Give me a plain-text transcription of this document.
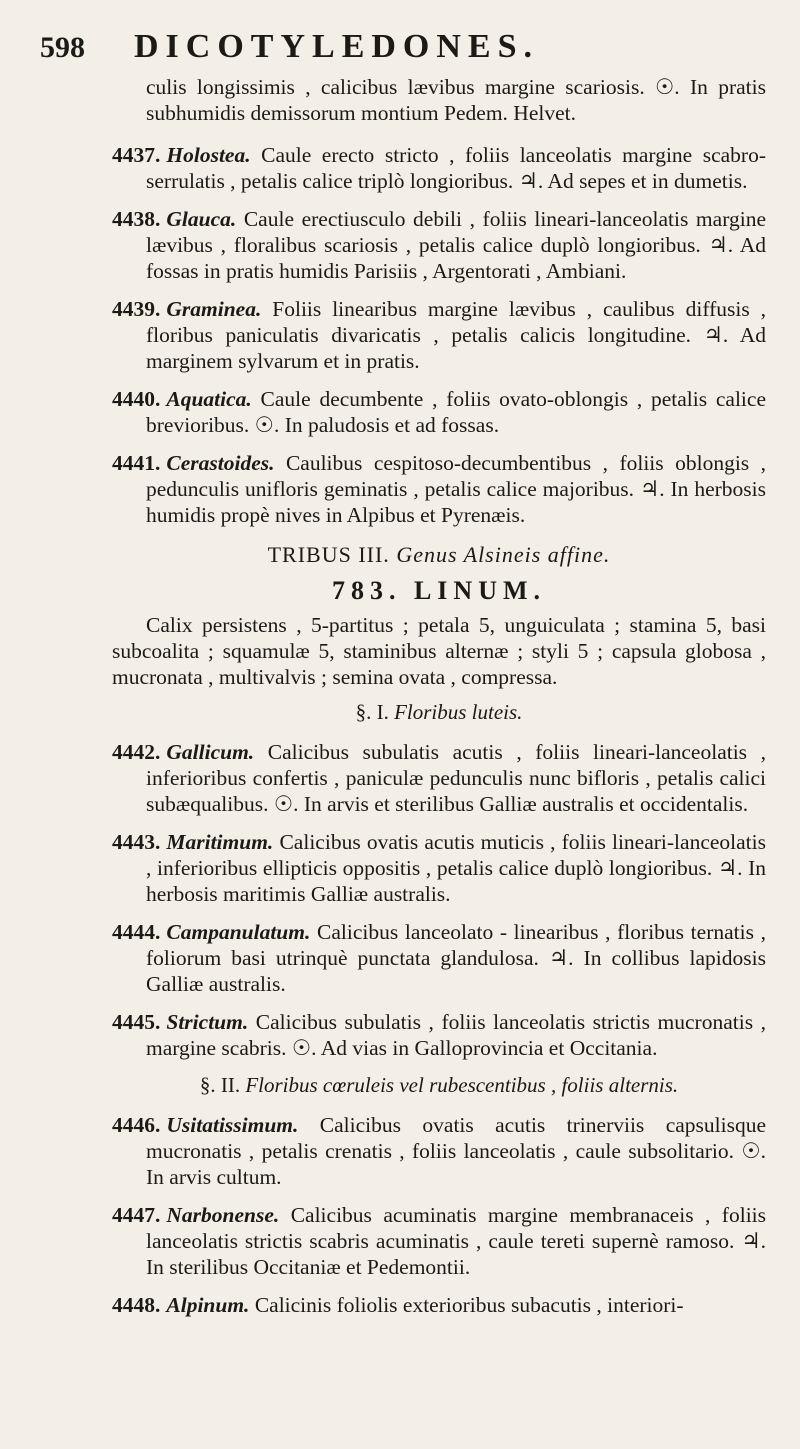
598	DICOTYLEDONES.

culis longissimis , calicibus lævibus margine scariosis. ☉. In pratis subhumidis demissorum montium Pedem. Helvet.

4437. Holostea. Caule erecto stricto , foliis lanceolatis margine scabro-serrulatis , petalis calice triplò longioribus. ♃. Ad sepes et in dumetis.

4438. Glauca. Caule erectiusculo debili , foliis lineari-lanceolatis margine lævibus , floralibus scariosis , petalis calice duplò longioribus. ♃. Ad fossas in pratis humidis Parisiis , Argentorati , Ambiani.

4439. Graminea. Foliis linearibus margine lævibus , caulibus diffusis , floribus paniculatis divaricatis , petalis calicis longitudine. ♃. Ad marginem sylvarum et in pratis.

4440. Aquatica. Caule decumbente , foliis ovato-oblongis , petalis calice brevioribus. ☉. In paludosis et ad fossas.

4441. Cerastoides. Caulibus cespitoso-decumbentibus , foliis oblongis , pedunculis unifloris geminatis , petalis calice majoribus. ♃. In herbosis humidis propè nives in Alpibus et Pyrenæis.

TRIBUS III. Genus Alsineis affine.
783. LINUM.

Calix persistens , 5-partitus ; petala 5, unguiculata ; stamina 5, basi subcoalita ; squamulæ 5, staminibus alternæ ; styli 5 ; capsula globosa , mucronata , multivalvis ; semina ovata , compressa.

§. I. Floribus luteis.

4442. Gallicum. Calicibus subulatis acutis , foliis lineari-lanceolatis , inferioribus confertis , paniculæ pedunculis nunc bifloris , petalis calici subæqualibus. ☉. In arvis et sterilibus Galliæ australis et occidentalis.

4443. Maritimum. Calicibus ovatis acutis muticis , foliis lineari-lanceolatis , inferioribus ellipticis oppositis , petalis calice duplò longioribus. ♃. In herbosis maritimis Galliæ australis.

4444. Campanulatum. Calicibus lanceolato - linearibus , floribus ternatis , foliorum basi utrinquè punctata glandulosa. ♃. In collibus lapidosis Galliæ australis.

4445. Strictum. Calicibus subulatis , foliis lanceolatis strictis mucronatis , margine scabris. ☉. Ad vias in Galloprovincia et Occitania.

§. II. Floribus cœruleis vel rubescentibus , foliis alternis.

4446. Usitatissimum. Calicibus ovatis acutis trinerviis capsulisque mucronatis , petalis crenatis , foliis lanceolatis , caule subsolitario. ☉. In arvis cultum.

4447. Narbonense. Calicibus acuminatis margine membranaceis , foliis lanceolatis strictis scabris acuminatis , caule tereti supernè ramoso. ♃. In sterilibus Occitaniæ et Pedemontii.

4448. Alpinum. Calicinis foliolis exterioribus subacutis , interiori-
